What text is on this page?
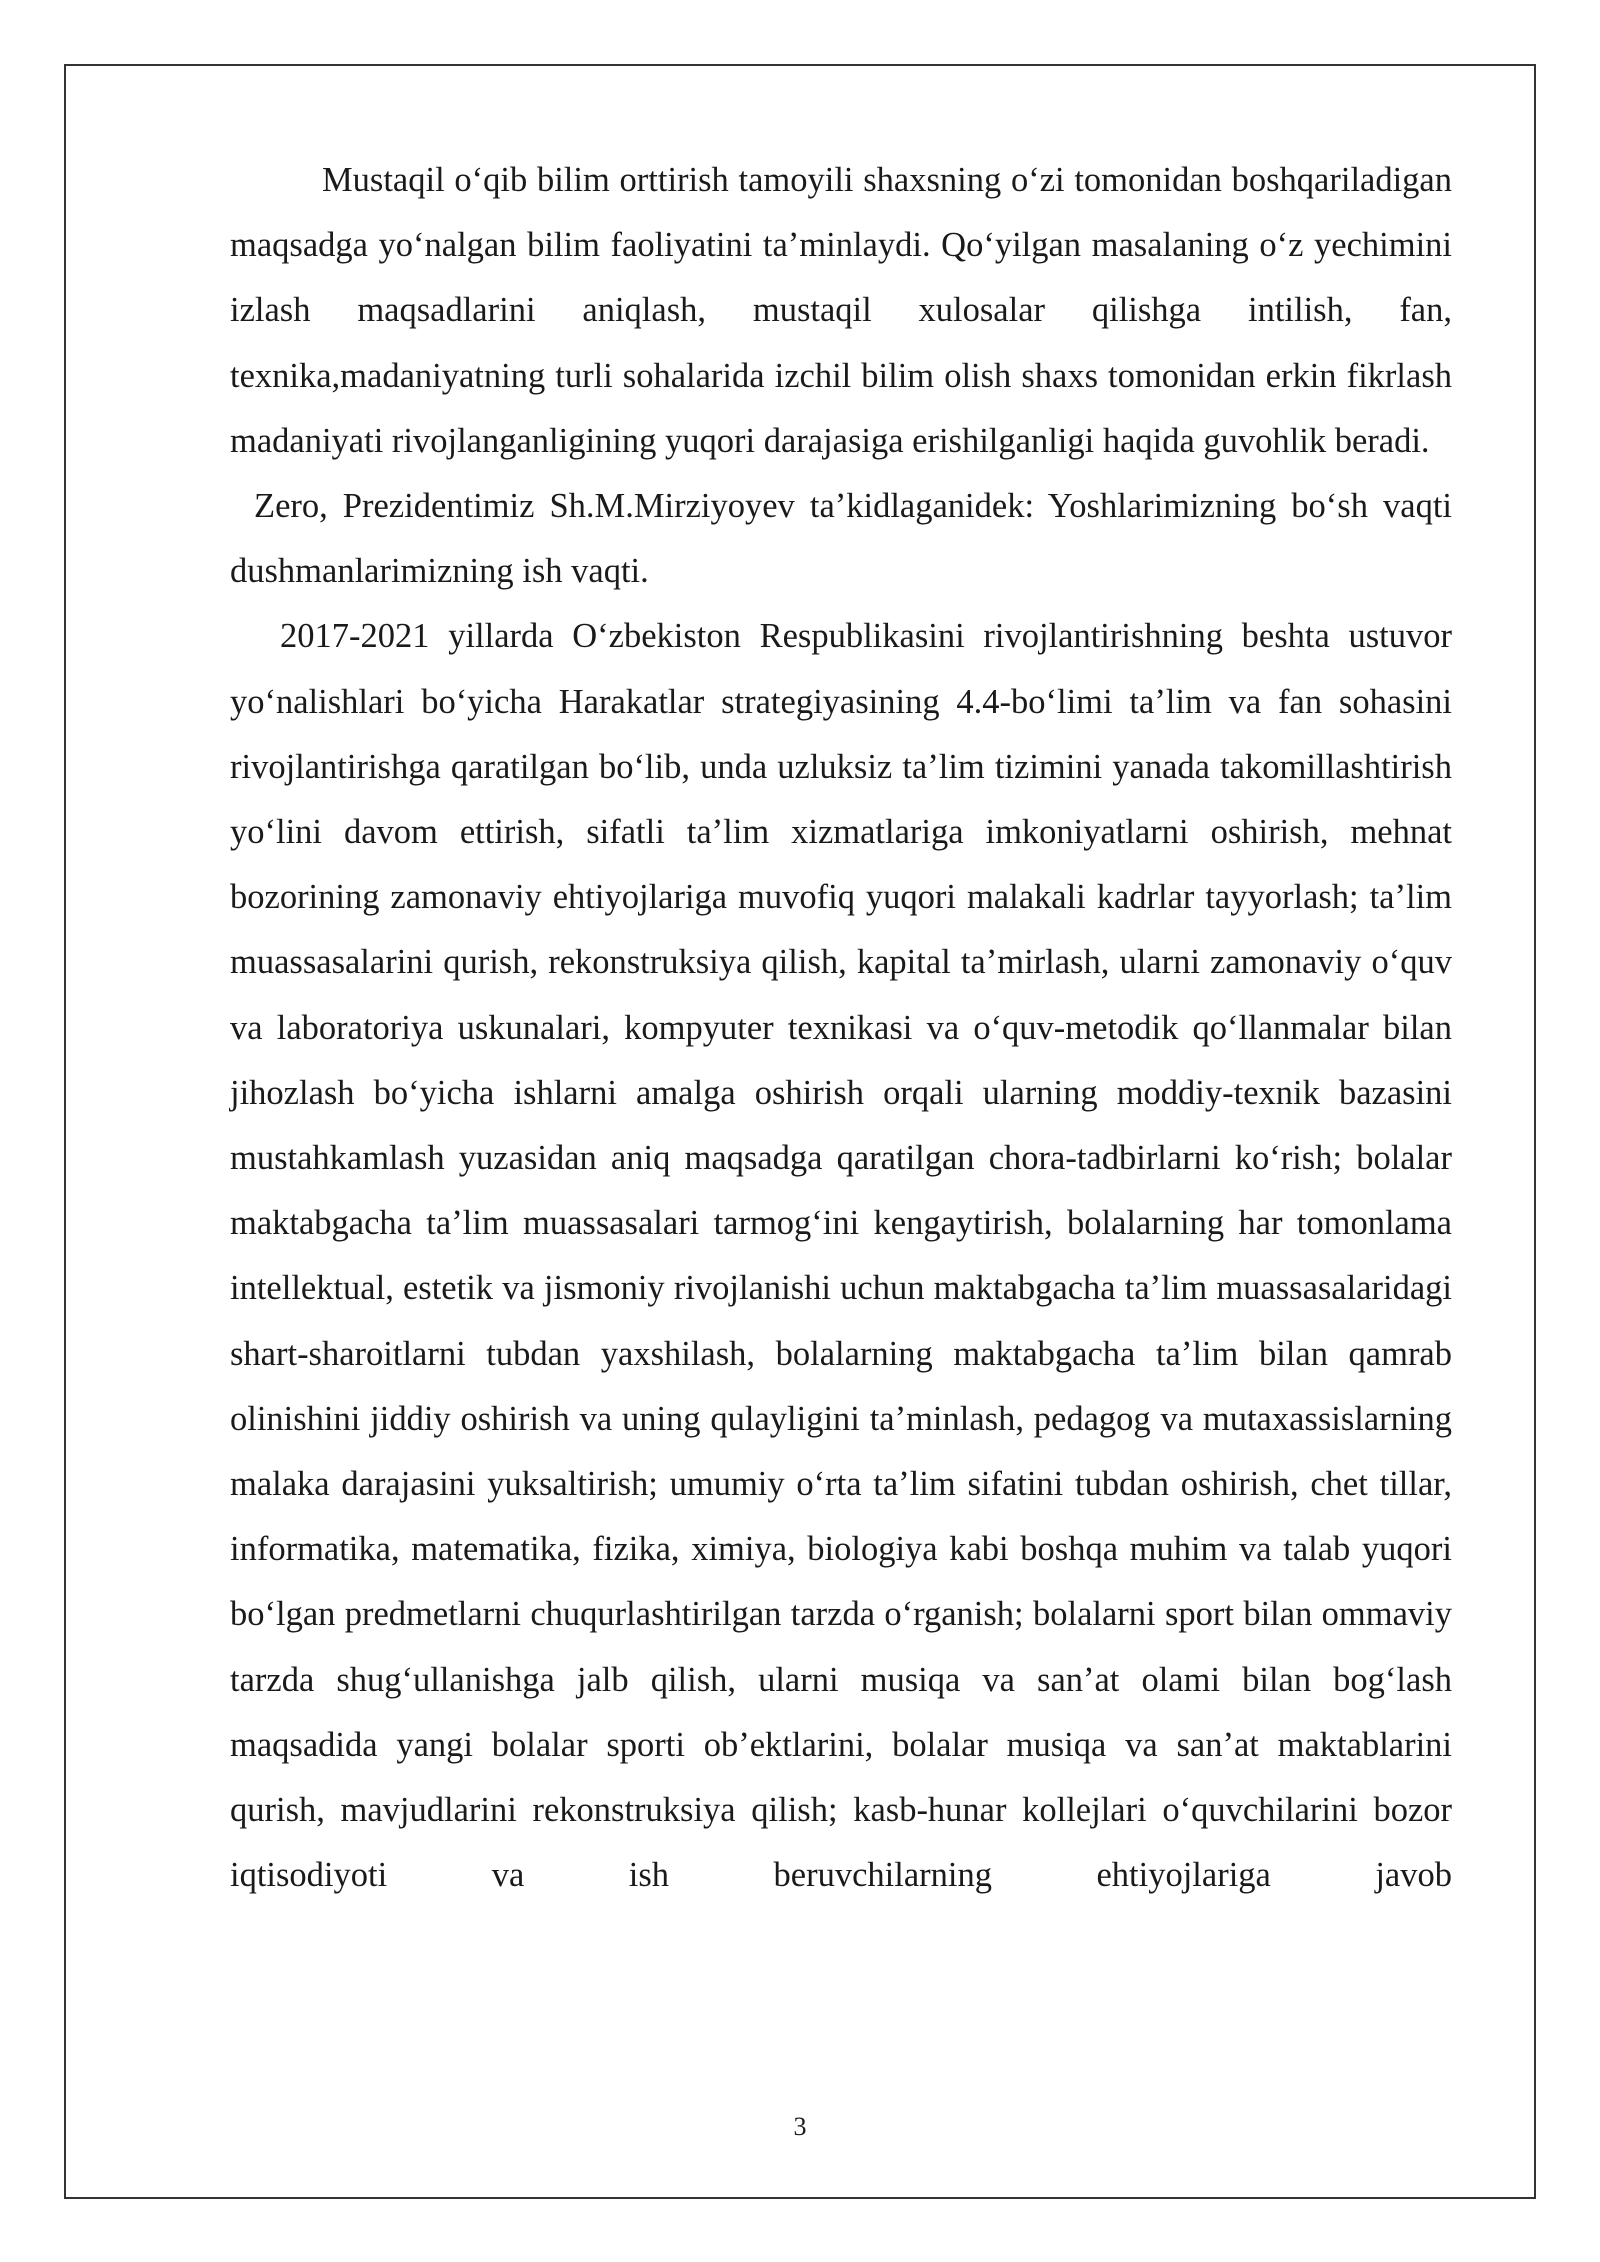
Mustaqil oʻqib bilim orttirish tamoyili shaxsning oʻzi tomonidan boshqariladigan maqsadga yoʻnalgan bilim faoliyatini taʼminlaydi. Qoʻyilgan masalaning oʻz yechimini izlash maqsadlarini aniqlash, mustaqil xulosalar qilishga intilish, fan, texnika,madaniyatning turli sohalarida izchil bilim olish shaxs tomonidan erkin fikrlash madaniyati rivojlanganligining yuqori darajasiga erishilganligi haqida guvohlik beradi.

Zero, Prezidentimiz Sh.M.Mirziyoyev taʼkidlaganidek: Yoshlarimizning boʻsh vaqti dushmanlarimizning ish vaqti.

2017-2021 yillarda Oʻzbekiston Respublikasini rivojlantirishning beshta ustuvor yoʻnalishlari boʻyicha Harakatlar strategiyasining 4.4-boʻlimi taʼlim va fan sohasini rivojlantirishga qaratilgan boʻlib, unda uzluksiz taʼlim tizimini yanada takomillashtirish yoʻlini davom ettirish, sifatli taʼlim xizmatlariga imkoniyatlarni oshirish, mehnat bozorining zamonaviy ehtiyojlariga muvofiq yuqori malakali kadrlar tayyorlash; taʼlim muassasalarini qurish, rekonstruksiya qilish, kapital taʼmirlash, ularni zamonaviy oʻquv va laboratoriya uskunalari, kompyuter texnikasi va oʻquv-metodik qoʻllanmalar bilan jihozlash boʻyicha ishlarni amalga oshirish orqali ularning moddiy-texnik bazasini mustahkamlash yuzasidan aniq maqsadga qaratilgan chora-tadbirlarni koʻrish; bolalar maktabgacha taʼlim muassasalari tarmogʻini kengaytirish, bolalarning har tomonlama intellektual, estetik va jismoniy rivojlanishi uchun maktabgacha taʼlim muassasalaridagi shart-sharoitlarni tubdan yaxshilash, bolalarning maktabgacha taʼlim bilan qamrab olinishini jiddiy oshirish va uning qulayligini taʼminlash, pedagog va mutaxassislarning malaka darajasini yuksaltirish; umumiy oʻrta taʼlim sifatini tubdan oshirish, chet tillar, informatika, matematika, fizika, ximiya, biologiya kabi boshqa muhim va talab yuqori boʻlgan predmetlarni chuqurlashtirilgan tarzda oʻrganish; bolalarni sport bilan ommaviy tarzda shugʻullanishga jalb qilish, ularni musiqa va sanʼat olami bilan bogʻlash maqsadida yangi bolalar sporti obʼektlarini, bolalar musiqa va sanʼat maktablarini qurish, mavjudlarini rekonstruksiya qilish; kasb-hunar kollejlari oʻquvchilarini bozor iqtisodiyoti va ish beruvchilarning ehtiyojlariga javob

3
